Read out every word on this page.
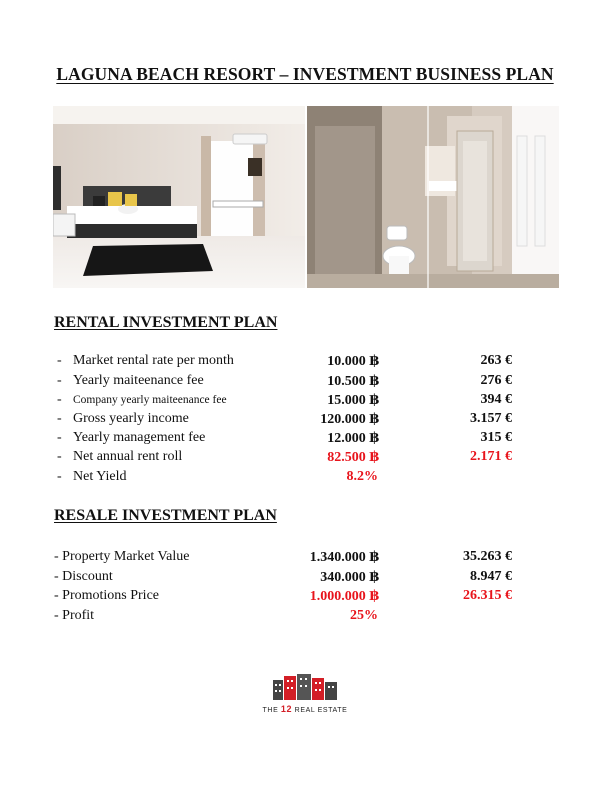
LAGUNA BEACH RESORT – INVESTMENT BUSINESS PLAN
RENTAL INVESTMENT PLAN
- Market rental rate per month	10.000 ฿	263 €
- Yearly maiteenance fee	10.500 ฿	276 €
- Company yearly maiteenance fee	15.000 ฿	394 €
- Gross yearly income	120.000 ฿	3.157 €
- Yearly management fee	12.000 ฿	315 €
- Net annual rent roll	82.500 ฿	2.171 €
- Net Yield	8.2%
RESALE INVESTMENT PLAN
- Property Market Value	1.340.000 ฿	35.263 €
- Discount	340.000 ฿	8.947 €
- Promotions Price	1.000.000 ฿	26.315 €
- Profit	25%
THE 12 REAL ESTATE
